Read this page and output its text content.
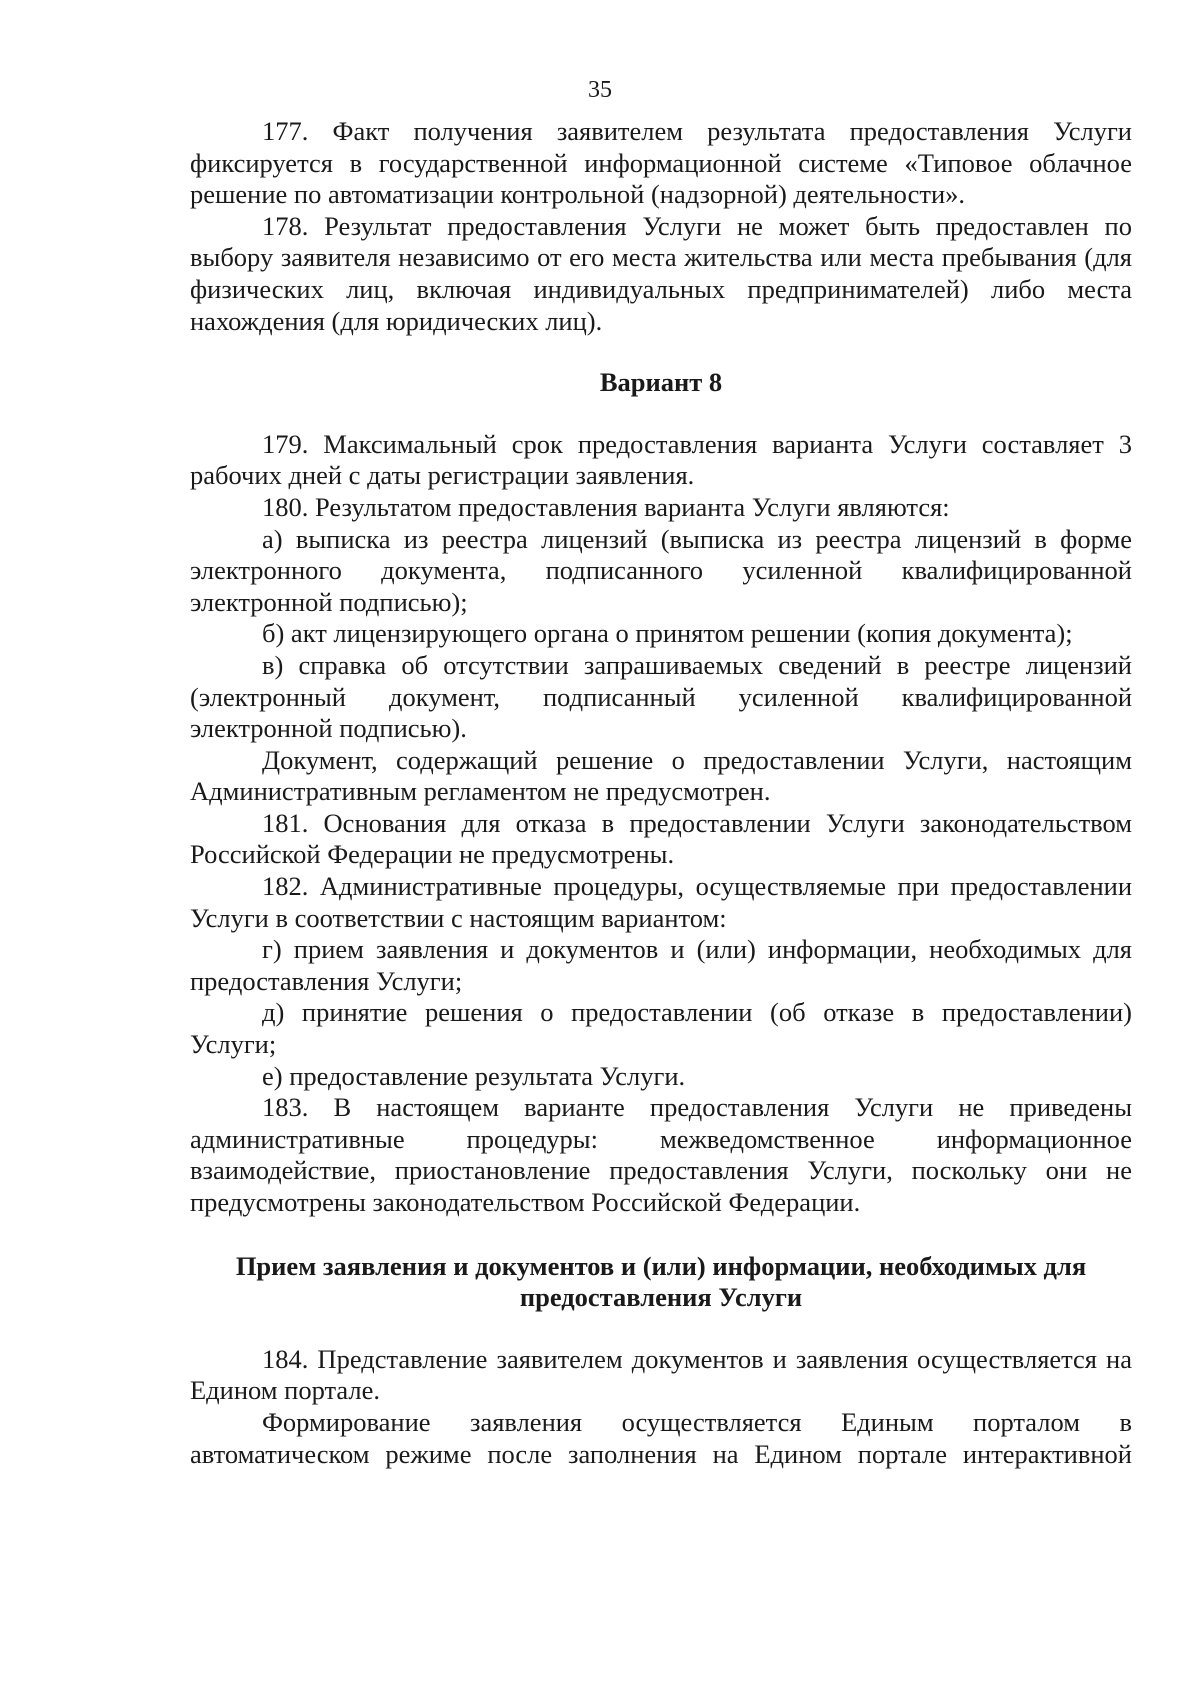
35

177. Факт получения заявителем результата предоставления Услуги фиксируется в государственной информационной системе «Типовое облачное решение по автоматизации контрольной (надзорной) деятельности».

178. Результат предоставления Услуги не может быть предоставлен по выбору заявителя независимо от его места жительства или места пребывания (для физических лиц, включая индивидуальных предпринимателей) либо места нахождения (для юридических лиц).

Вариант 8

179. Максимальный срок предоставления варианта Услуги составляет 3 рабочих дней с даты регистрации заявления.

180. Результатом предоставления варианта Услуги являются:

а) выписка из реестра лицензий (выписка из реестра лицензий в форме электронного документа, подписанного усиленной квалифицированной электронной подписью);

б) акт лицензирующего органа о принятом решении (копия документа);

в) справка об отсутствии запрашиваемых сведений в реестре лицензий (электронный документ, подписанный усиленной квалифицированной электронной подписью).

Документ, содержащий решение о предоставлении Услуги, настоящим Административным регламентом не предусмотрен.

181. Основания для отказа в предоставлении Услуги законодательством Российской Федерации не предусмотрены.

182. Административные процедуры, осуществляемые при предоставлении Услуги в соответствии с настоящим вариантом:

г) прием заявления и документов и (или) информации, необходимых для предоставления Услуги;

д) принятие решения о предоставлении (об отказе в предоставлении) Услуги;

е) предоставление результата Услуги.

183. В настоящем варианте предоставления Услуги не приведены административные процедуры: межведомственное информационное взаимодействие, приостановление предоставления Услуги, поскольку они не предусмотрены законодательством Российской Федерации.

Прием заявления и документов и (или) информации, необходимых для предоставления Услуги

184. Представление заявителем документов и заявления осуществляется на Едином портале.

Формирование заявления осуществляется Единым порталом в автоматическом режиме после заполнения на Едином портале интерактивной
